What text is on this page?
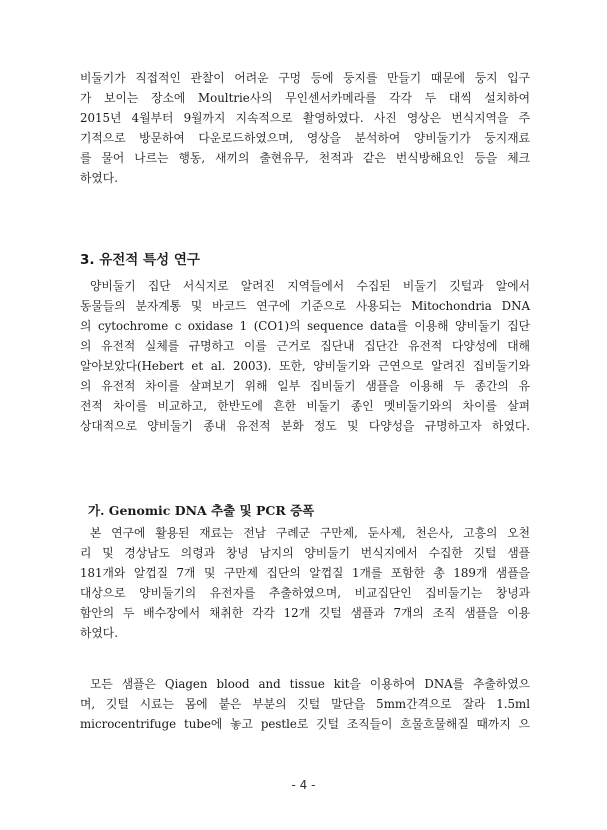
비둘기가 직접적인 관찰이 어려운 구멍 등에 둥지를 만들기 때문에 둥지 입구
가 보이는 장소에 Moultrie사의 무인센서카메라를 각각 두 대씩 설치하여
2015년 4월부터 9월까지 지속적으로 촬영하였다. 사진 영상은 번식지역을 주
기적으로 방문하여 다운로드하였으며, 영상을 분석하여 양비둘기가 둥지재료
를 물어 나르는 행동, 새끼의 출현유무, 천적과 같은 번식방해요인 등을 체크
하였다.
3. 유전적 특성 연구
양비둘기 집단 서식지로 알려진 지역들에서 수집된 비둘기 깃털과 알에서
동물들의 분자계통 및 바코드 연구에 기준으로 사용되는 Mitochondria DNA
의 cytochrome c oxidase 1 (CO1)의 sequence data를 이용해 양비둘기 집단
의 유전적 실체를 규명하고 이를 근거로 집단내 집단간 유전적 다양성에 대해
알아보았다(Hebert et al. 2003). 또한, 양비둘기와 근연으로 알려진 집비둘기와
의 유전적 차이를 살펴보기 위해 일부 집비둘기 샘플을 이용해 두 종간의 유
전적 차이를 비교하고, 한반도에 흔한 비둘기 종인 멧비둘기와의 차이를 살펴
상대적으로 양비둘기 종내 유전적 분화 정도 및 다양성을 규명하고자 하였다.
가. Genomic DNA 추출 및 PCR 증폭
본 연구에 활용된 재료는 전남 구례군 구만제, 둔사제, 천은사, 고흥의 오천
리 및 경상남도 의령과 창녕 남지의 양비둘기 번식지에서 수집한 깃털 샘플
181개와 알껍질 7개 및 구만제 집단의 알껍질 1개를 포함한 총 189개 샘플을
대상으로 양비둘기의 유전자를 추출하였으며, 비교집단인 집비둘기는 창녕과
함안의 두 배수장에서 채취한 각각 12개 깃털 샘플과 7개의 조직 샘플을 이용
하였다.
모든 샘플은 Qiagen blood and tissue kit을 이용하여 DNA를 추출하였으
며, 깃털 시료는 몸에 붙은 부분의 깃털 말단을 5mm간격으로 잘라 1.5ml
microcentrifuge tube에 놓고 pestle로 깃털 조직들이 흐물흐물해질 때까지 으
- 4 -
